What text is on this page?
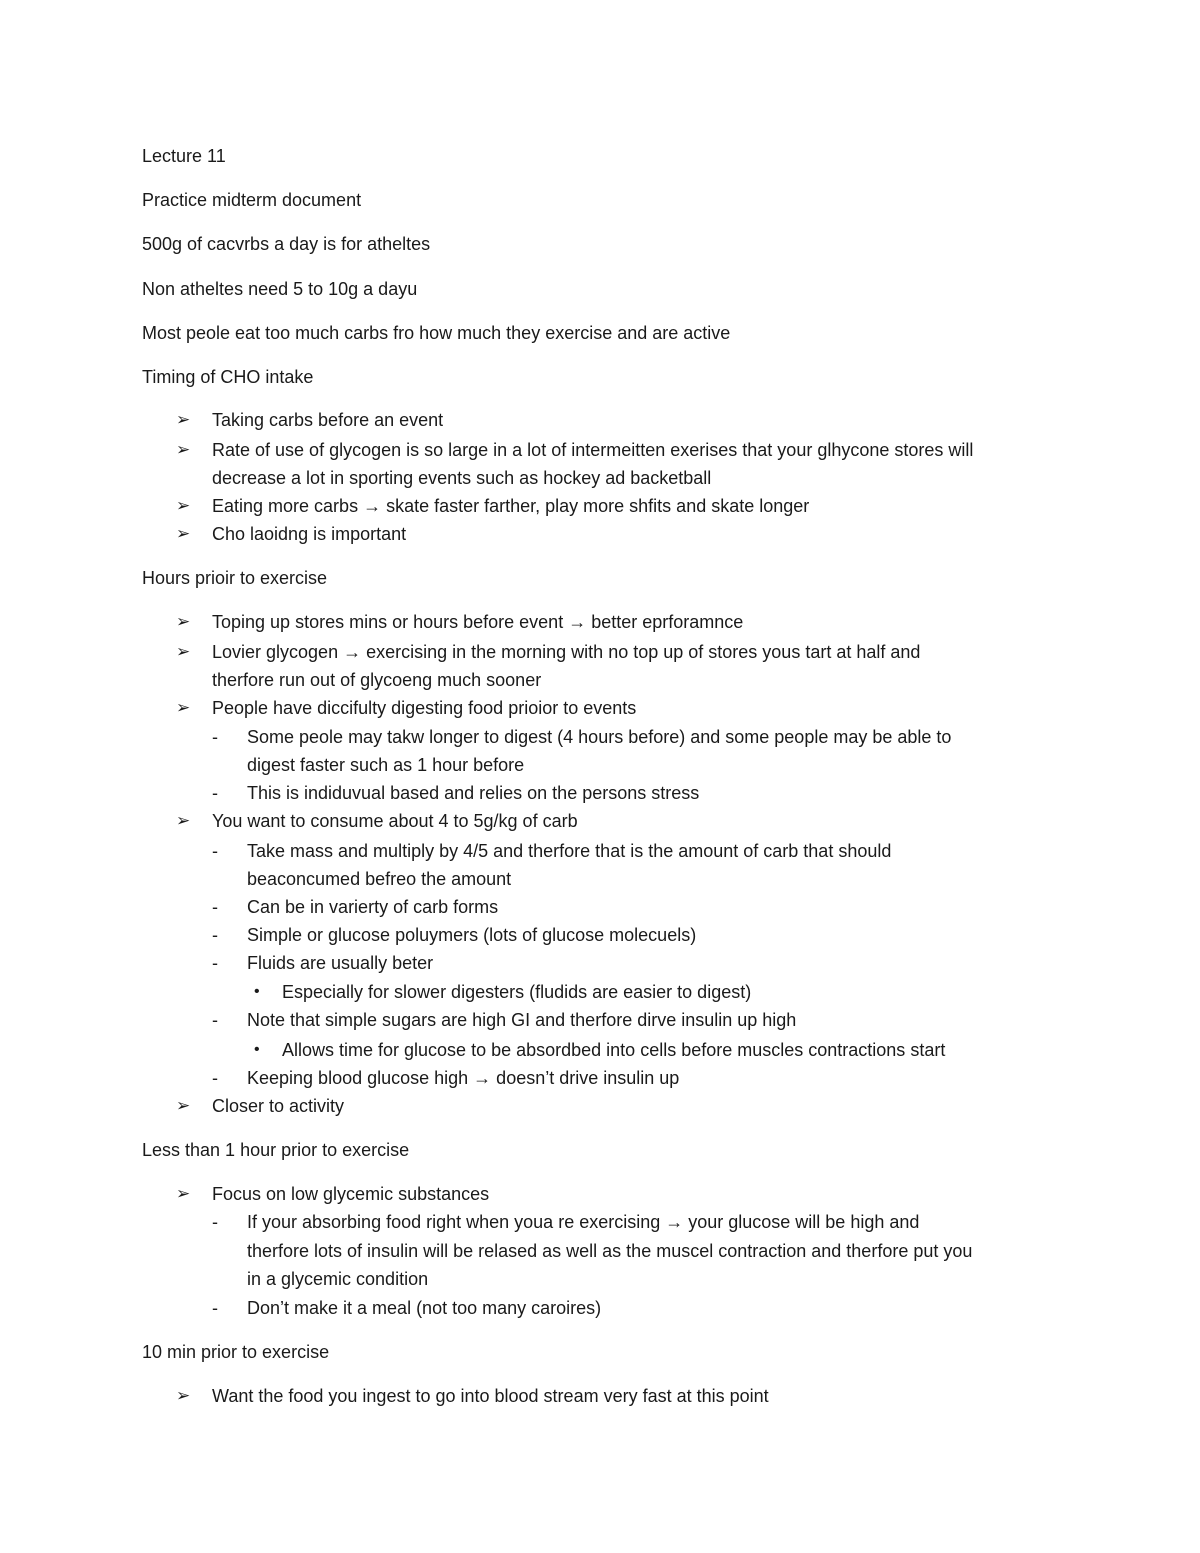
Lecture 11
Practice midterm document
500g of cacvrbs a day is for atheltes
Non atheltes need 5 to 10g a dayu
Most peole eat too much carbs fro how much they exercise and are active
Timing of CHO intake
➢ Taking carbs before an event
➢ Rate of use of glycogen is so large in a lot of intermeitten exerises that your glhycone stores will
decrease a lot in sporting events such as hockey ad backetball
➢ Eating more carbs → skate faster farther, play more shfits and skate longer
➢ Cho laoidng is important
Hours prioir to exercise
➢ Toping up stores mins or hours before event → better eprforamnce
➢ Lovier glycogen → exercising in the morning with no top up of stores yous tart at half and
therfore run out of glycoeng much sooner
➢ People have diccifulty digesting food prioior to events
- Some peole may takw longer to digest (4 hours before) and some people may be able to
digest faster such as 1 hour before
- This is indiduvual based and relies on the persons stress
➢ You want to consume about 4 to 5g/kg of carb
- Take mass and multiply by 4/5 and therfore that is the amount of carb that should
beaconcumed befreo the amount
- Can be in varierty of carb forms
- Simple or glucose poluymers (lots of glucose molecuels)
- Fluids are usually beter
• Especially for slower digesters (fludids are easier to digest)
- Note that simple sugars are high GI and therfore dirve insulin up high
• Allows time for glucose to be absordbed into cells before muscles contractions start
- Keeping blood glucose high → doesn’t drive insulin up
➢ Closer to activity
Less than 1 hour prior to exercise
➢ Focus on low glycemic substances
- If your absorbing food right when youa re exercising → your glucose will be high and
therfore lots of insulin will be relased as well as the muscel contraction and therfore put you
in a glycemic condition
- Don’t make it a meal (not too many caroires)
10 min prior to exercise
➢ Want the food you ingest to go into blood stream very fast at this point
